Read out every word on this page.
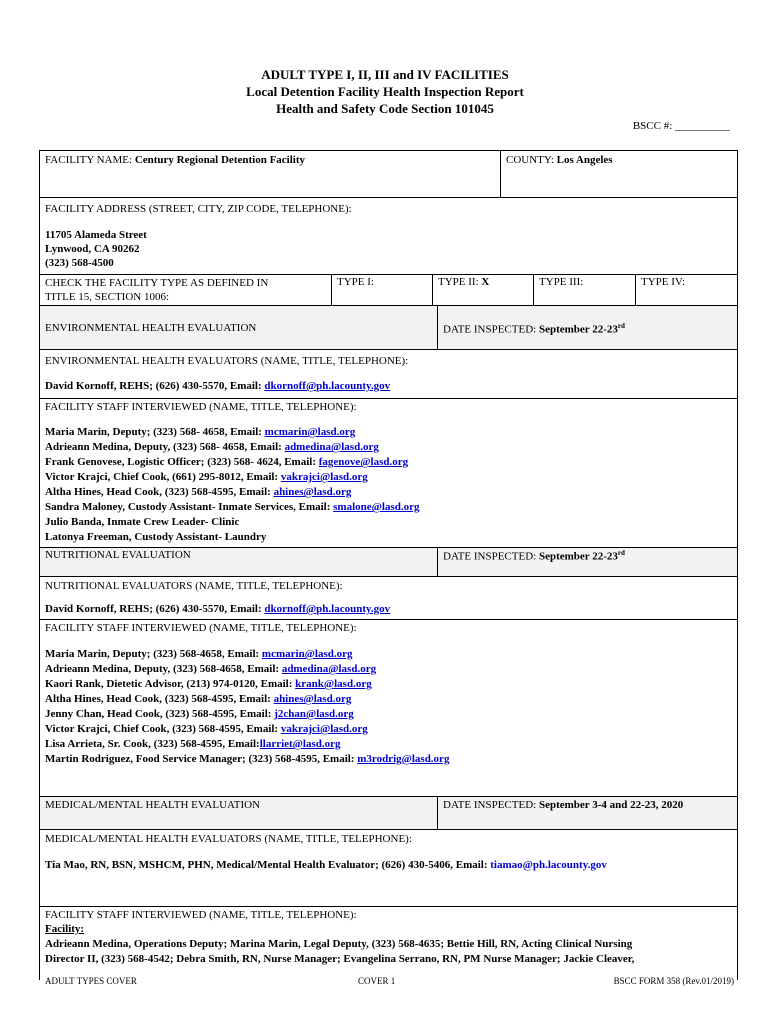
ADULT TYPE I, II, III and IV FACILITIES
Local Detention Facility Health Inspection Report
Health and Safety Code Section 101045
BSCC #: __________
FACILITY NAME: Century Regional Detention Facility	COUNTY: Los Angeles
FACILITY ADDRESS (STREET, CITY, ZIP CODE, TELEPHONE):
11705 Alameda Street
Lynwood, CA 90262
(323) 568-4500
CHECK THE FACILITY TYPE AS DEFINED IN
TITLE 15, SECTION 1006:
TYPE I:	TYPE II: X	TYPE III:	TYPE IV:
ENVIRONMENTAL HEALTH EVALUATION	DATE INSPECTED: September 22-23rd
ENVIRONMENTAL HEALTH EVALUATORS (NAME, TITLE, TELEPHONE):
David Kornoff, REHS; (626) 430-5570, Email: dkornoff@ph.lacounty.gov
FACILITY STAFF INTERVIEWED (NAME, TITLE, TELEPHONE):
Maria Marin, Deputy; (323) 568- 4658, Email: mcmarin@lasd.org
Adrieann Medina, Deputy, (323) 568- 4658, Email: admedina@lasd.org
Frank Genovese, Logistic Officer; (323) 568- 4624, Email: fagenove@lasd.org
Victor Krajci, Chief Cook, (661) 295-8012, Email: vakrajci@lasd.org
Altha Hines, Head Cook, (323) 568-4595, Email: ahines@lasd.org
Sandra Maloney, Custody Assistant- Inmate Services, Email: smalone@lasd.org
Julio Banda, Inmate Crew Leader- Clinic
Latonya Freeman, Custody Assistant- Laundry
NUTRITIONAL EVALUATION	DATE INSPECTED: September 22-23rd
NUTRITIONAL EVALUATORS (NAME, TITLE, TELEPHONE):
David Kornoff, REHS; (626) 430-5570, Email: dkornoff@ph.lacounty.gov
FACILITY STAFF INTERVIEWED (NAME, TITLE, TELEPHONE):
Maria Marin, Deputy; (323) 568-4658, Email: mcmarin@lasd.org
Adrieann Medina, Deputy, (323) 568-4658, Email: admedina@lasd.org
Kaori Rank, Dietetic Advisor, (213) 974-0120, Email: krank@lasd.org
Altha Hines, Head Cook, (323) 568-4595, Email: ahines@lasd.org
Jenny Chan, Head Cook, (323) 568-4595, Email: j2chan@lasd.org
Victor Krajci, Chief Cook, (323) 568-4595, Email: vakrajci@lasd.org
Lisa Arrieta, Sr. Cook, (323) 568-4595, Email:llarriet@lasd.org
Martin Rodriguez, Food Service Manager; (323) 568-4595, Email: m3rodrig@lasd.org
MEDICAL/MENTAL HEALTH EVALUATION	DATE INSPECTED: September 3-4 and 22-23, 2020
MEDICAL/MENTAL HEALTH EVALUATORS (NAME, TITLE, TELEPHONE):
Tia Mao, RN, BSN, MSHCM, PHN, Medical/Mental Health Evaluator; (626) 430-5406, Email: tiamao@ph.lacounty.gov
FACILITY STAFF INTERVIEWED (NAME, TITLE, TELEPHONE):
Facility:
Adrieann Medina, Operations Deputy; Marina Marin, Legal Deputy, (323) 568-4635; Bettie Hill, RN, Acting Clinical Nursing
Director II, (323) 568-4542; Debra Smith, RN, Nurse Manager; Evangelina Serrano, RN, PM Nurse Manager; Jackie Cleaver,
ADULT TYPES COVER	COVER 1	BSCC FORM 358 (Rev.01/2019)
